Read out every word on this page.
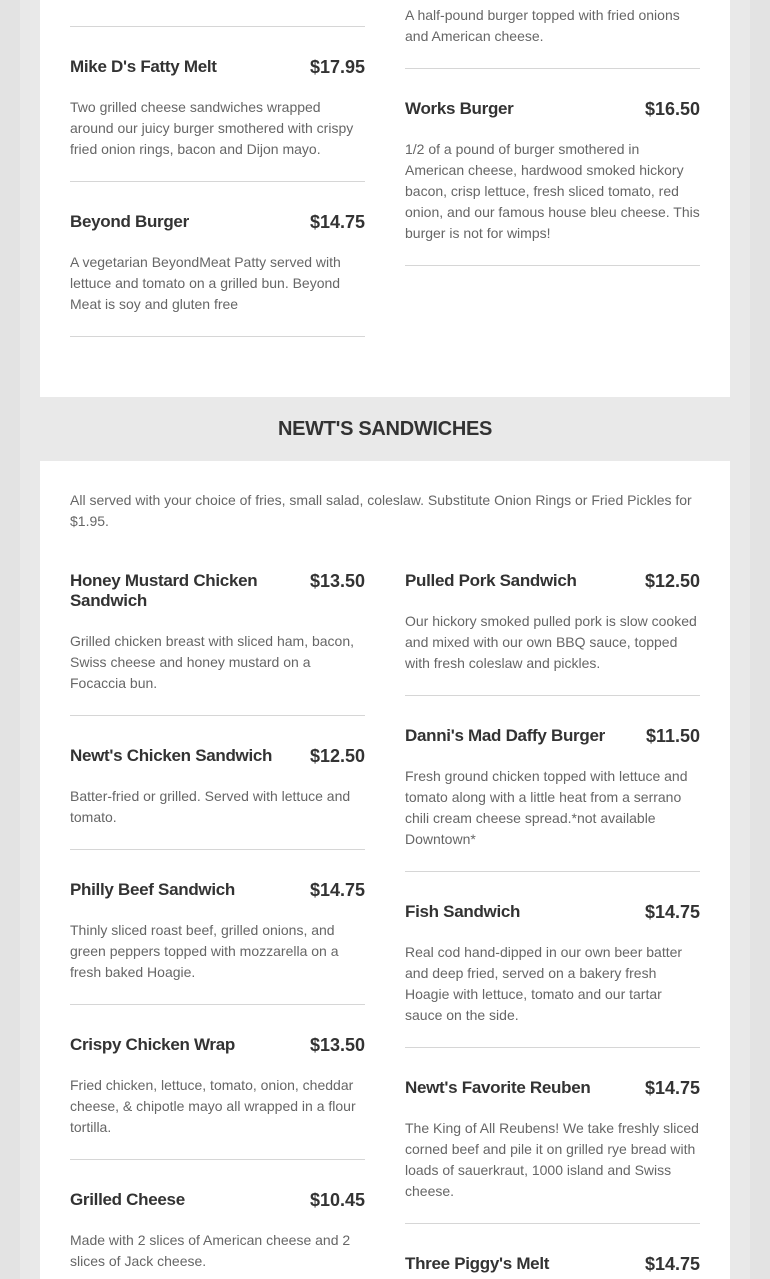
NEWT'S SANDWICHES
All served with your choice of fries, small salad, coleslaw. Substitute Onion Rings or Fried Pickles for $1.95.
Mike D's Fatty Melt	$17.95
Two grilled cheese sandwiches wrapped around our juicy burger smothered with crispy fried onion rings, bacon and Dijon mayo.
Beyond Burger	$14.75
A vegetarian BeyondMeat Patty served with lettuce and tomato on a grilled bun. Beyond Meat is soy and gluten free
A half-pound burger topped with fried onions and American cheese.
Works Burger	$16.50
1/2 of a pound of burger smothered in American cheese, hardwood smoked hickory bacon, crisp lettuce, fresh sliced tomato, red onion, and our famous house bleu cheese. This burger is not for wimps!
Honey Mustard Chicken Sandwich
$13.50
Grilled chicken breast with sliced ham, bacon, Swiss cheese and honey mustard on a Focaccia bun.
Newt's Chicken Sandwich $12.50
Batter-fried or grilled. Served with lettuce and tomato.
Philly Beef Sandwich	$14.75
Thinly sliced roast beef, grilled onions, and green peppers topped with mozzarella on a fresh baked Hoagie.
Crispy Chicken Wrap	$13.50
Fried chicken, lettuce, tomato, onion, cheddar cheese, & chipotle mayo all wrapped in a flour tortilla.
Grilled Cheese	$10.45
Made with 2 slices of American cheese and 2 slices of Jack cheese.
Pulled Pork Sandwich	$12.50
Our hickory smoked pulled pork is slow cooked and mixed with our own BBQ sauce, topped with fresh coleslaw and pickles.
Danni's Mad Daffy Burger $11.50
Fresh ground chicken topped with lettuce and tomato along with a little heat from a serrano chili cream cheese spread.*not available Downtown*
Fish Sandwich	$14.75
Real cod hand-dipped in our own beer batter and deep fried, served on a bakery fresh Hoagie with lettuce, tomato and our tartar sauce on the side.
Newt's Favorite Reuben	$14.75
The King of All Reubens! We take freshly sliced corned beef and pile it on grilled rye bread with loads of sauerkraut, 1000 island and Swiss cheese.
Three Piggy's Melt	$14.75
